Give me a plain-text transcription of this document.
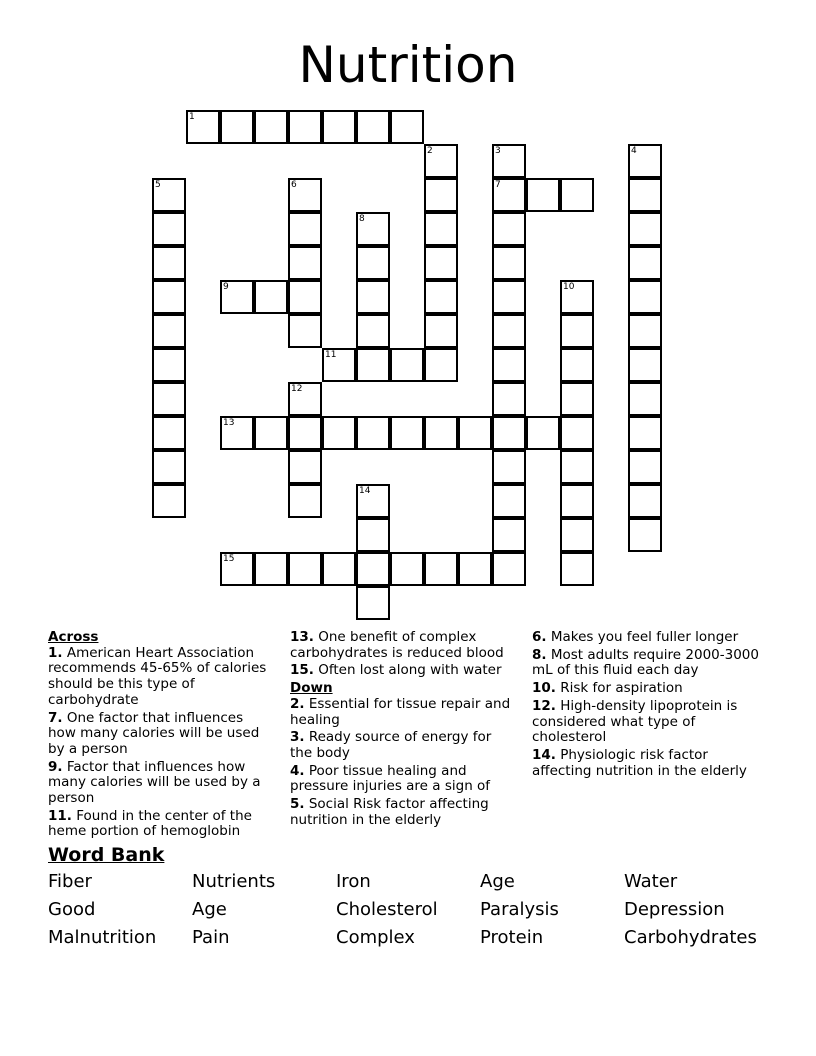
Nutrition
1
2	3
7
4
5	6
8
9	10
11
12
13
14
15
Across
1. American Heart Association recommends 45-65% of calories should be this type of carbohydrate
7. One factor that influences how many calories will be used by a person
9. Factor that influences how many calories will be used by a person
11. Found in the center of the heme portion of hemoglobin
13. One benefit of complex carbohydrates is reduced blood
15. Often lost along with water
Down
2. Essential for tissue repair and healing
3. Ready source of energy for the body
4. Poor tissue healing and pressure injuries are a sign of
5. Social Risk factor affecting nutrition in the elderly
6. Makes you feel fuller longer
8. Most adults require 2000-3000 mL of this fluid each day
10. Risk for aspiration
12. High-density lipoprotein is considered what type of cholesterol
14. Physiologic risk factor affecting nutrition in the elderly
Word Bank
Fiber	Nutrients	Iron	Age	Water
Good	Age	Cholesterol	Paralysis	Depression
Malnutrition	Pain	Complex	Protein	Carbohydrates
